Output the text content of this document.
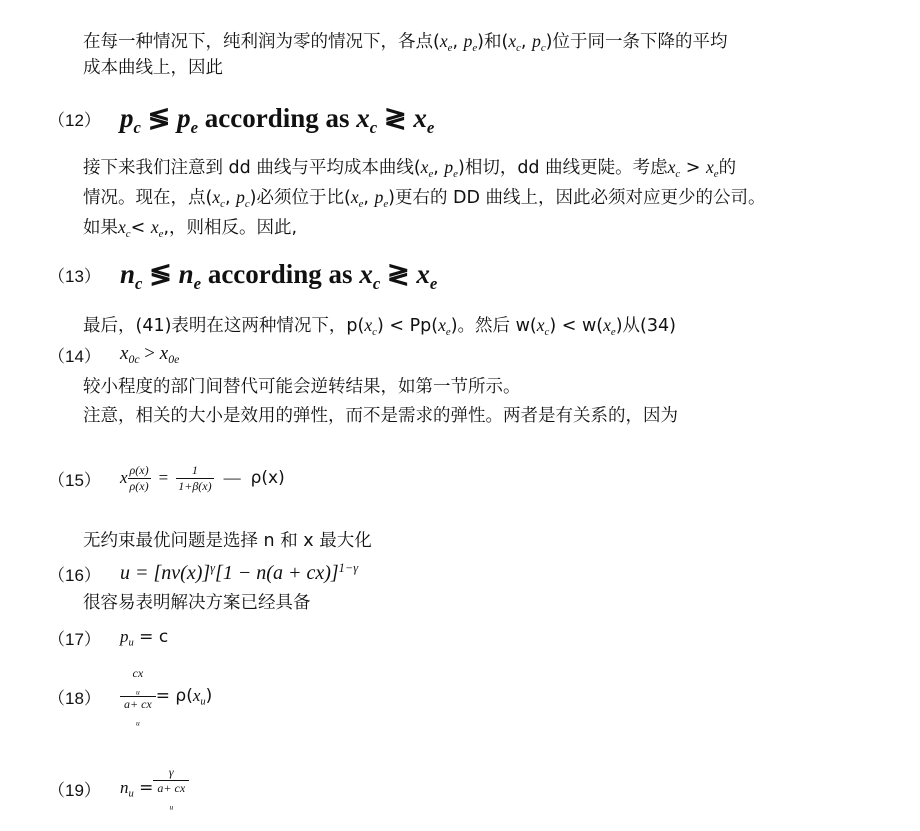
在每一种情况下，纯利润为零的情况下，各点($x_e$, $p_e$)和($x_c$, $p_c$)位于同一条下降的平均
成本曲线上，因此
（12） $p_c$ ≶ $p_e$ according as $x_c$ ≷ $x_e$
接下来我们注意到 dd 曲线与平均成本曲线($x_e$, $p_e$)相切，dd 曲线更陡。考虑$x_c > x_e$的
情况。现在，点($x_c$, $p_c$)必须位于比($x_e$, $p_e$)更右的 DD 曲线上，因此必须对应更少的公司。
如果$x_c< x_e$,，则相反。因此,
（13） $n_c$ ≶ $n_e$ according as $x_c$ ≷ $x_e$
最后，(41)表明在这两种情况下，$p(x_c) < Pp(x_e)$。然后 $w(x_c) < w(x_e)$从(34)
（14）	$x_{0c} > x_{0e}$
较小程度的部门间替代可能会逆转结果，如第一节所示。
注意，相关的大小是效用的弹性，而不是需求的弹性。两者是有关系的，因为
（15）	x $\frac{\rho(x)}{\rho(x)} = \frac{1}{1+\beta(x)}$ — ρ(x)
无约束最优问题是选择 n 和 x 最大化
（16） $u = [nv(x)]^\gamma[1 - n(a + cx)]^{1-\gamma}$
很容易表明解决方案已经具备
（17）	$p_u = c$
（18）	cx
$_u$
a+ cx
$_u = \rho(x_u)$
（19）	$n_u = \gamma$
a+ cx
$_u$
